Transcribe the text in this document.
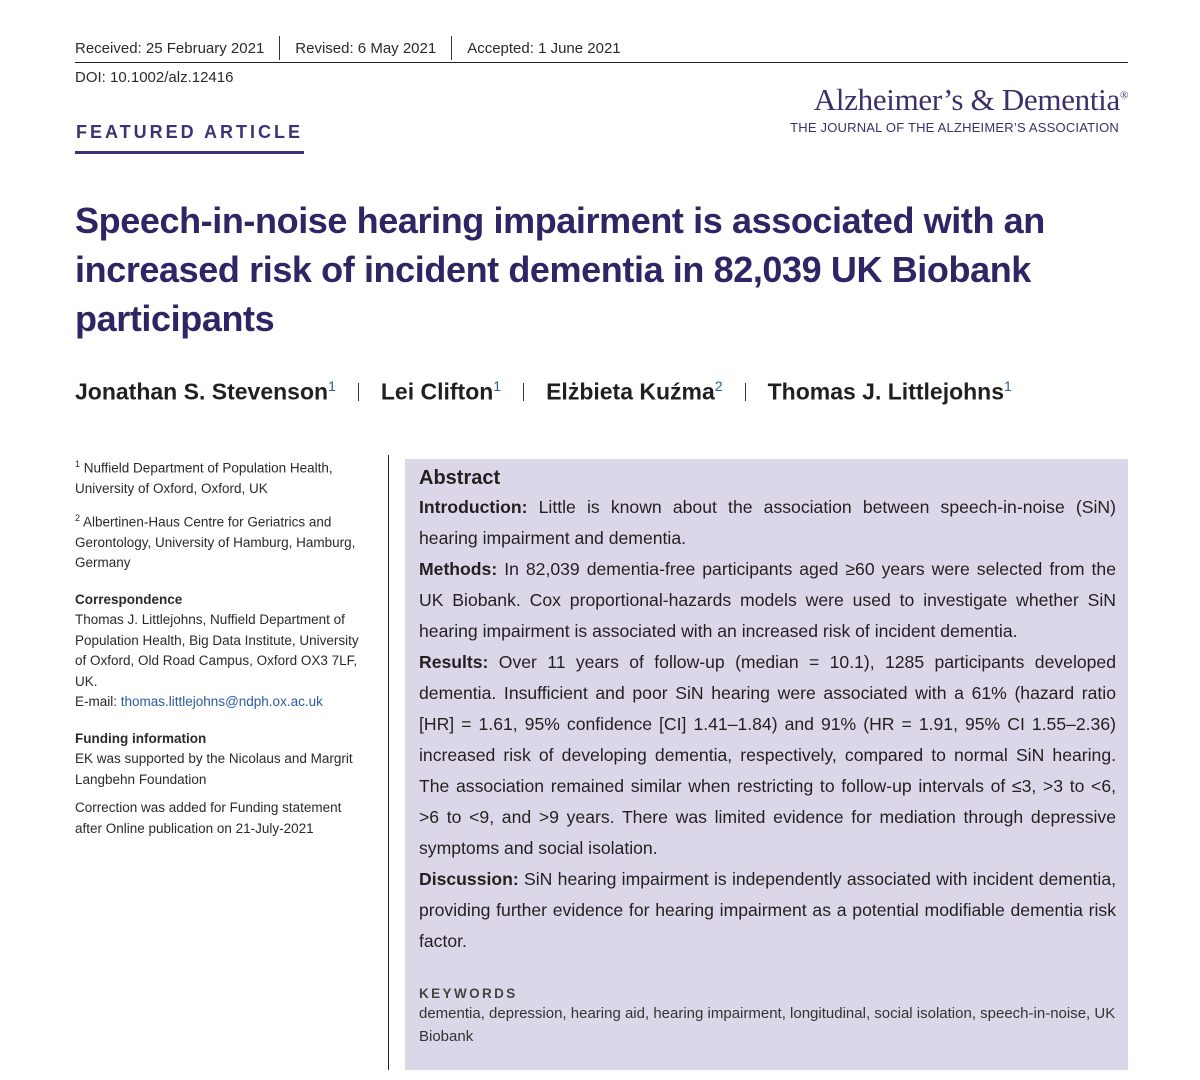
Received: 25 February 2021 Revised: 6 May 2021 Accepted: 1 June 2021
DOI: 10.1002/alz.12416
Alzheimer’s & Dementia®
THE JOURNAL OF THE ALZHEIMER’S ASSOCIATION
FEATURED ARTICLE
Speech-in-noise hearing impairment is associated with an increased risk of incident dementia in 82,039 UK Biobank participants
Jonathan S. Stevenson$^1$ Lei Clifton$^1$ Elżbieta Kuźma$^2$ Thomas J. Littlejohns$^1$

$^1$ Nuffield Department of Population Health, University of Oxford, Oxford, UK

$^2$ Albertinen-Haus Centre for Geriatrics and Gerontology, University of Hamburg, Hamburg, Germany

Correspondence

Thomas J. Littlejohns, Nuffield Department of Population Health, Big Data Institute, University of Oxford, Old Road Campus, Oxford OX3 7LF, UK.
E-mail: thomas.littlejohns@ndph.ox.ac.uk

Funding information

EK was supported by the Nicolaus and Margrit Langbehn Foundation

Correction was added for Funding statement after Online publication on 21-July-2021

Abstract

Introduction: Little is known about the association between speech-in-noise (SiN) hearing impairment and dementia.

Methods: In 82,039 dementia-free participants aged ≥60 years were selected from the UK Biobank. Cox proportional-hazards models were used to investigate whether SiN hearing impairment is associated with an increased risk of incident dementia.

Results: Over 11 years of follow-up (median = 10.1), 1285 participants developed dementia. Insufficient and poor SiN hearing were associated with a 61% (hazard ratio [HR] = 1.61, 95% confidence [CI] 1.41–1.84) and 91% (HR = 1.91, 95% CI 1.55–2.36) increased risk of developing dementia, respectively, compared to normal SiN hearing. The association remained similar when restricting to follow-up intervals of ≤3, >3 to <6, >6 to <9, and >9 years. There was limited evidence for mediation through depressive symptoms and social isolation.

Discussion: SiN hearing impairment is independently associated with incident dementia, providing further evidence for hearing impairment as a potential modifiable dementia risk factor.

KEYWORDS
dementia, depression, hearing aid, hearing impairment, longitudinal, social isolation, speech-in-noise, UK Biobank
